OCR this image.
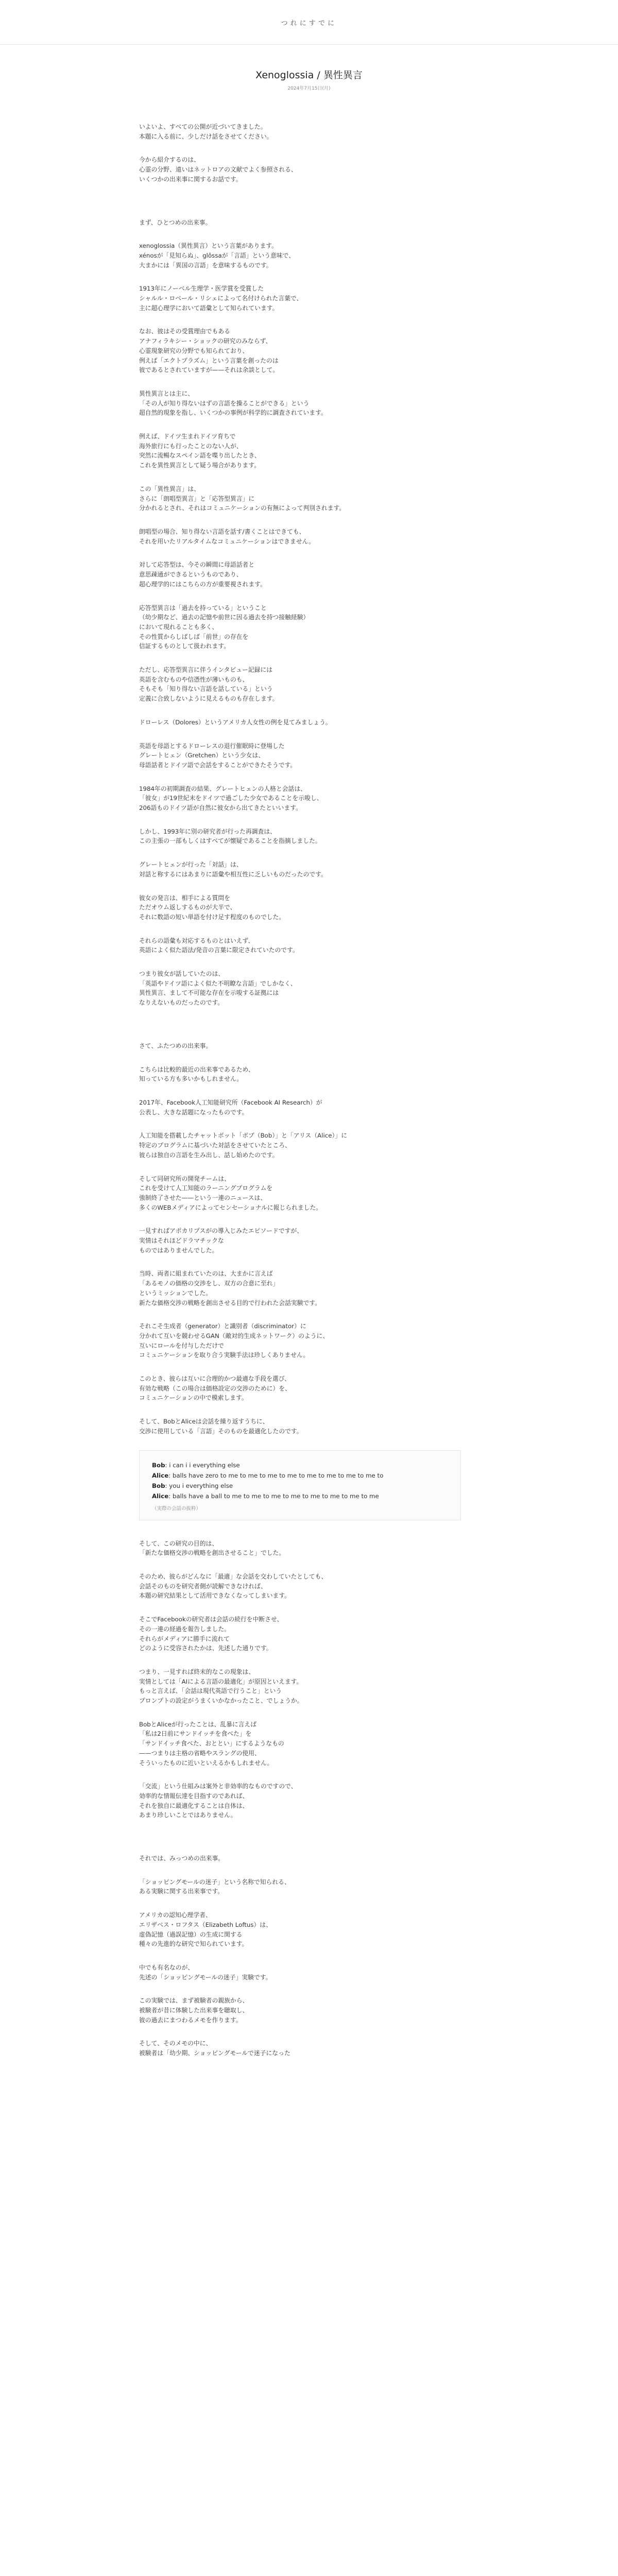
つれにすでに
Xenoglossia / 異性異言
2024年7月15日(月)

いよいよ、すべての公開が近づいてきました。
本題に入る前に、少しだけ話をさせてください。

今から紹介するのは、
心霊の分野、遠いはネットロアの文献でよく参照される、
いくつかの出来事に関するお話です。

まず、ひとつめの出来事。

xenoglossia（異性異言）という言葉があります。
xénosが「見知らぬ」、glôssaが「言語」という意味で、
大まかには「異国の言語」を意味するものです。

1913年にノーベル生理学・医学賞を受賞した
シャルル・ロベール・リシェによって名付けられた言葉で、
主に超心理学において語彙として知られています。

なお、彼はその受賞理由でもある
アナフィラキシー・ショックの研究のみならず、
心霊現象研究の分野でも知られており、
例えば「エクトプラズム」という言葉を創ったのは
彼であるとされていますが——それは余談として。

異性異言とは主に、
「その人が知り得ないはずの言語を操ることができる」という
超自然的現象を指し、いくつかの事例が科学的に調査されています。

例えば、ドイツ生まれドイツ育ちで
海外旅行にも行ったことのない人が、
突然に流暢なスペイン語を喋り出したとき、
これを異性異言として疑う場合があります。

この「異性異言」は、
さらに「朗唱型異言」と「応答型異言」に
分かれるとされ、それはコミュニケーションの有無によって判別されます。

朗唱型の場合、知り得ない言語を話す/書くことはできても、
それを用いたリアルタイムなコミュニケーションはできません。

対して応答型は、今その瞬間に母語話者と
意思疎通ができるというものであり、
超心理学的にはこちらの方が重要視されます。

応答型異言は「過去を持っている」ということ
（幼少期など、過去の記憶や前世に因る過去を持つ接触経験）
において現れることも多く、
その性質からしばしば「前世」の存在を
信証するものとして扱われます。

ただし、応答型異言に伴うインタビュー記録には
英語を含むものや信憑性が薄いものも、
そもそも「知り得ない言語を話している」という
定義に合致しないように見えるものも存在します。

ドローレス（Dolores）というアメリカ人女性の例を見てみましょう。

英語を母語とするドローレスの退行催眠時に登場した
グレートヒェン（Gretchen）という少女は、
母語話者とドイツ語で会話をすることができたそうです。

1984年の初期調査の結果、グレートヒェンの人格と会話は、
「彼女」が19世紀末をドイツで過ごした少女であることを示唆し、
206語ものドイツ語が自然に彼女から出てきたといいます。

しかし、1993年に別の研究者が行った再調査は、
この主張の一部もしくはすべてが懐疑であることを指摘しました。

グレートヒェンが行った「対話」は、
対話と称するにはあまりに語彙や相互性に乏しいものだったのです。

彼女の発言は、相手による質問を
ただオウム返しするものが大半で、
それに数語の短い単語を付け足す程度のものでした。

それらの語彙も対応するものとはいえず、
英語によく似た語法/発音の言葉に限定されていたのです。

つまり彼女が話していたのは、
「英語やドイツ語によく似た不明瞭な言語」でしかなく、
異性異言、まして不可能な存在を示唆する証拠には
なりえないものだったのです。

さて、ふたつめの出来事。

こちらは比較的最近の出来事であるため、
知っている方も多いかもしれません。

2017年、Facebook人工知能研究所（Facebook AI Research）が
公表し、大きな話題になったものです。

人工知能を搭載したチャットボット「ボブ（Bob）」と「アリス（Alice）」に
特定のプログラムに基づいた対話をさせていたところ、
彼らは独自の言語を生み出し、話し始めたのです。

そして同研究所の開発チームは、
これを受けて人工知能のラーニングプログラムを
強制終了させた——という一連のニュースは、
多くのWEBメディアによってセンセーショナルに報じられました。

一見すればアポカリプスがの導入じみたエピソードですが、
実情はそれほどドラマチックな
ものではありませんでした。

当時、両者に組まれていたのは、大まかに言えば
「あるモノの価格の交渉をし、双方の合意に至れ」
というミッションでした。
新たな価格交渉の戦略を創出させる目的で行われた会話実験です。

それこそ生成者（generator）と識別者（discriminator）に
分かれて互いを競わせるGAN（敵対的生成ネットワーク）のように、
互いにロールを付与しただけで
コミュニケーションを取り合う実験手法は珍しくありません。

このとき、彼らは互いに合理的かつ最適な手段を選び、
有効な戦略（この場合は価格設定の交渉のために）を、
コミュニケーションの中で模索します。

そして、BobとAliceは会話を繰り返すうちに、
交渉に使用している「言語」そのものを最適化したのです。

Bob: i can i i everything else
Alice: balls have zero to me to me to me to me to me to me to me to me to
Bob: you i everything else
Alice: balls have a ball to me to me to me to me to me to me to me to me
（実際の会話の抜粋）

そして、この研究の目的は、
「新たな価格交渉の戦略を創出させること」でした。

そのため、彼らがどんなに「最適」な会話を交わしていたとしても、
会話そのものを研究者側が読解できなければ、
本題の研究結果として活用できなくなってしまいます。

そこでFacebookの研究者は会話の続行を中断させ、
その一連の経過を報告しました。
それらがメディアに勝手に流れて
どのように受容されたかは、先述した通りです。

つまり、一見すれば終末的なこの現象は、
実情としては「AIによる言語の最適化」が原因といえます。
もっと言えば、「会話は現代英語で行うこと」という
プロンプトの設定がうまくいかなかったこと、でしょうか。

BobとAliceが行ったことは、乱暴に言えば
「私は2日前にサンドイッチを食べた」を
「サンドイッチ食べた、おととい」にするようなもの
——つまりは主格の省略やスラングの使用、
そういったものに近いといえるかもしれません。

「交流」という仕組みは案外と非効率的なものですので、
効率的な情報伝達を目指すのであれば、
それを独自に最適化することは自体は、
あまり珍しいことではありません。

それでは、みっつめの出来事。

「ショッピングモールの迷子」という名称で知られる、
ある実験に関する出来事です。

アメリカの認知心理学者、
エリザベス・ロフタス（Elizabeth Loftus）は、
虚偽記憶（過誤記憶）の生成に関する
種々の先進的な研究で知られています。

中でも有名なのが、
先述の「ショッピングモールの迷子」実験です。

この実験では、まず被験者の親族から、
被験者が昔に体験した出来事を聴取し、
彼の過去にまつわるメモを作ります。

そして、そのメモの中に、
被験者は「幼少期、ショッピングモールで迷子になった
